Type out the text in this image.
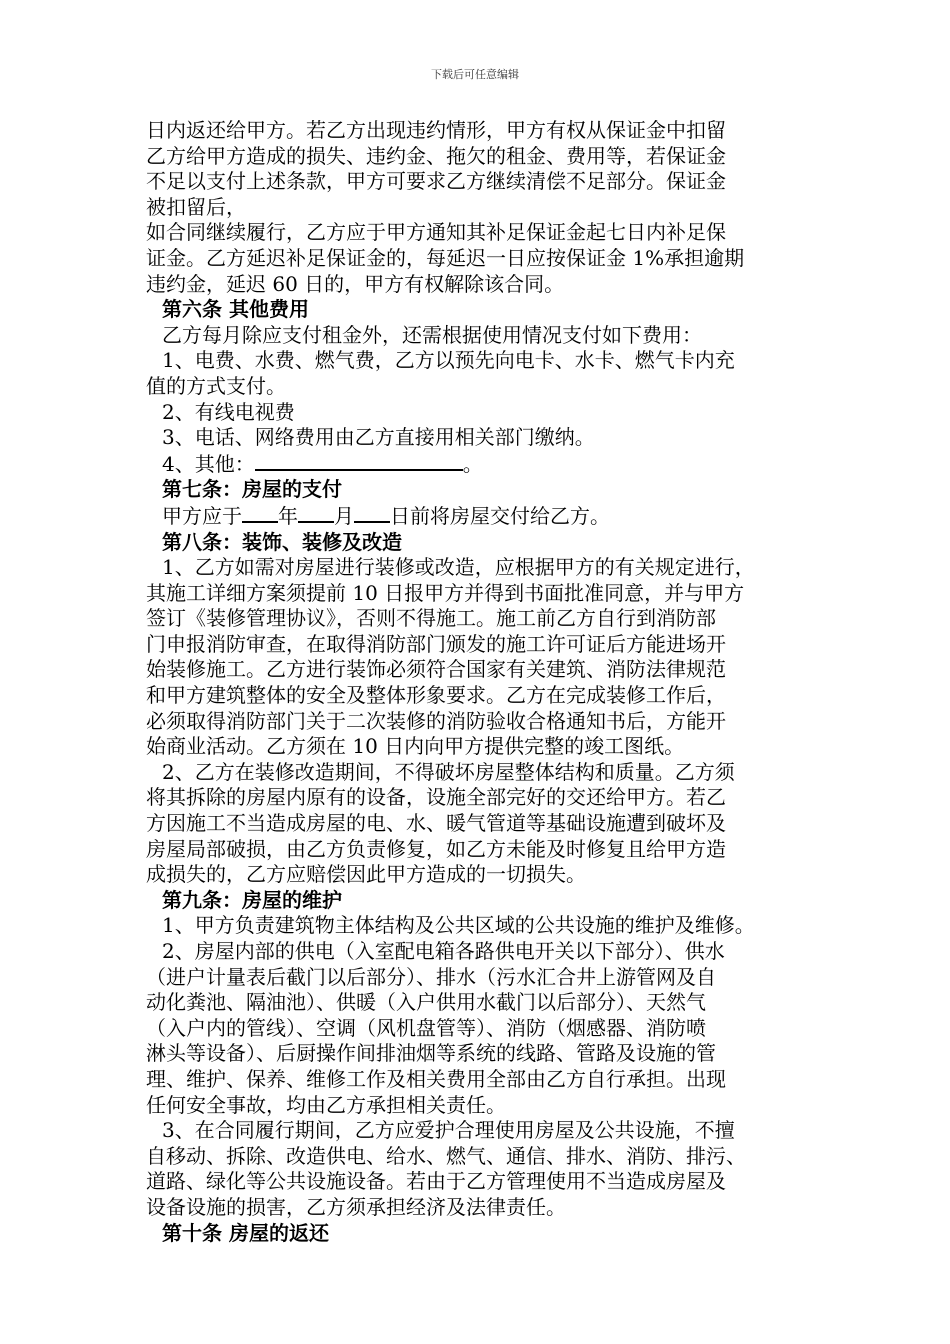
下载后可任意编辑

日内返还给甲方。若乙方出现违约情形，甲方有权从保证金中扣留

乙方给甲方造成的损失、违约金、拖欠的租金、费用等，若保证金

不足以支付上述条款，甲方可要求乙方继续清偿不足部分。保证金

被扣留后，

如合同继续履行，乙方应于甲方通知其补足保证金起七日内补足保

证金。乙方延迟补足保证金的，每延迟一日应按保证金 1%承担逾期

违约金，延迟 60 日的，甲方有权解除该合同。

第六条 其他费用

乙方每月除应支付租金外，还需根据使用情况支付如下费用：

1、电费、水费、燃气费，乙方以预先向电卡、水卡、燃气卡内充

值的方式支付。

2、有线电视费

3、电话、网络费用由乙方直接用相关部门缴纳。

4、其他：	。

第七条：房屋的支付

甲方应于 年 月 日前将房屋交付给乙方。

第八条：装饰、装修及改造

1、乙方如需对房屋进行装修或改造，应根据甲方的有关规定进行，

其施工详细方案须提前 10 日报甲方并得到书面批准同意，并与甲方

签订《装修管理协议》，否则不得施工。施工前乙方自行到消防部

门申报消防审查，在取得消防部门颁发的施工许可证后方能进场开

始装修施工。乙方进行装饰必须符合国家有关建筑、消防法律规范

和甲方建筑整体的安全及整体形象要求。乙方在完成装修工作后，

必须取得消防部门关于二次装修的消防验收合格通知书后，方能开

始商业活动。乙方须在 10 日内向甲方提供完整的竣工图纸。

2、乙方在装修改造期间，不得破坏房屋整体结构和质量。乙方须

将其拆除的房屋内原有的设备，设施全部完好的交还给甲方。若乙

方因施工不当造成房屋的电、水、暖气管道等基础设施遭到破坏及

房屋局部破损，由乙方负责修复，如乙方未能及时修复且给甲方造

成损失的，乙方应赔偿因此甲方造成的一切损失。

第九条：房屋的维护

1、甲方负责建筑物主体结构及公共区域的公共设施的维护及维修。

2、房屋内部的供电（入室配电箱各路供电开关以下部分）、供水

（进户计量表后截门以后部分）、排水（污水汇合井上游管网及自

动化粪池、隔油池）、供暖（入户供用水截门以后部分）、天然气

（入户内的管线）、空调（风机盘管等）、消防（烟感器、消防喷

淋头等设备）、后厨操作间排油烟等系统的线路、管路及设施的管

理、维护、保养、维修工作及相关费用全部由乙方自行承担。出现

任何安全事故，均由乙方承担相关责任。

3、在合同履行期间，乙方应爱护合理使用房屋及公共设施，不擅

自移动、拆除、改造供电、给水、燃气、通信、排水、消防、排污、

道路、绿化等公共设施设备。若由于乙方管理使用不当造成房屋及

设备设施的损害，乙方须承担经济及法律责任。

第十条 房屋的返还
